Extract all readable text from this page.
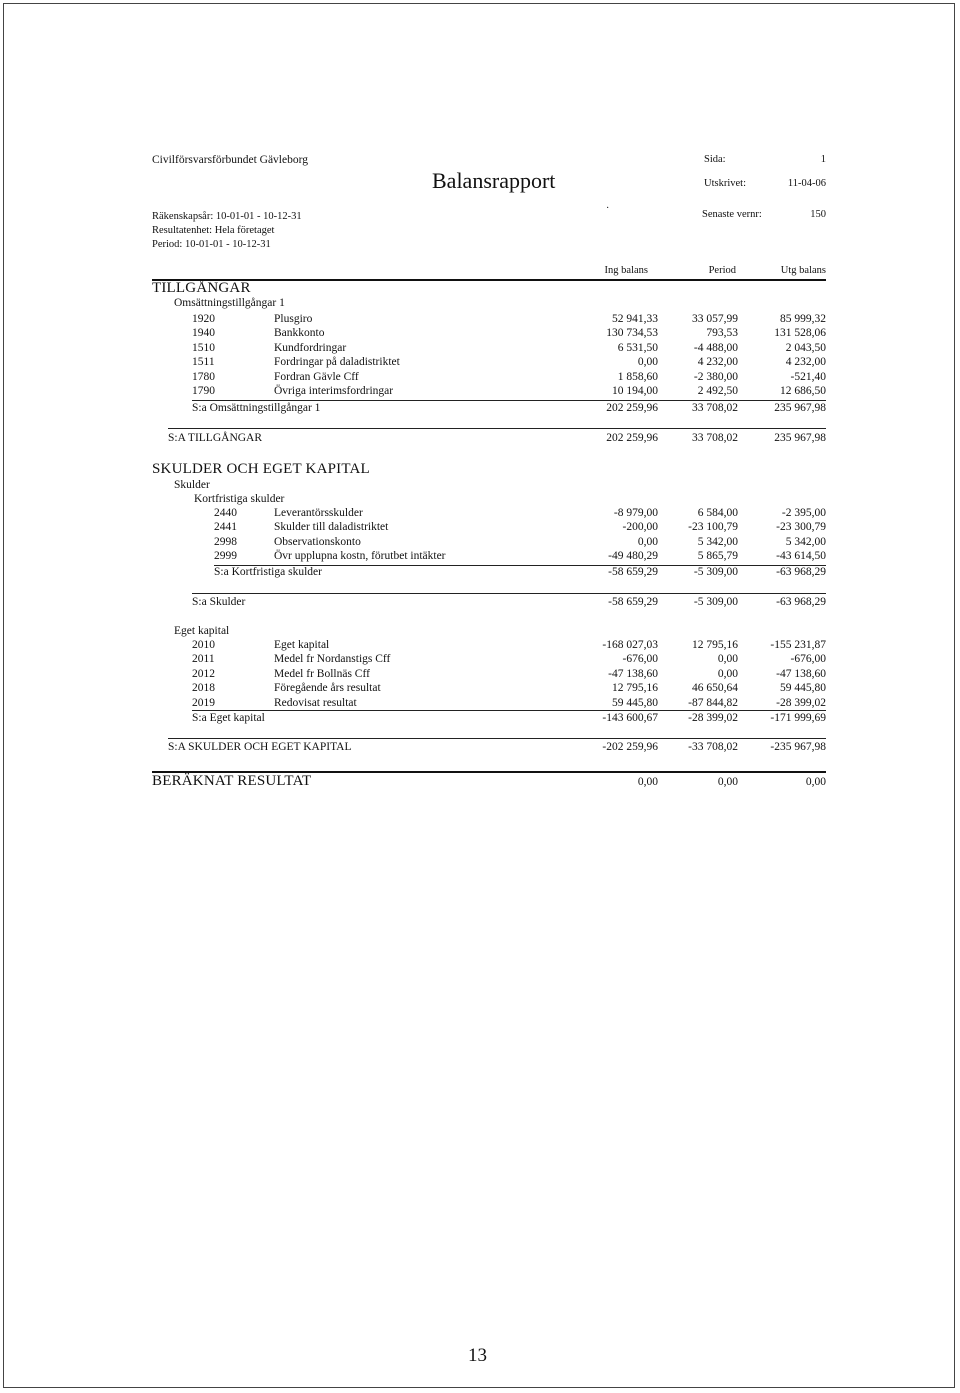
Civilförsvarsförbundet Gävleborg
Balansrapport
Sida:	1
Utskrivet:	11-04-06
Räkenskapsår: 10-01-01 - 10-12-31
Resultatenhet: Hela företaget
Period: 10-01-01 - 10-12-31
Senaste vernr:	150
·
Ing balans	Period	Utg balans
TILLGÅNGAR
Omsättningstillgångar 1
1920	Plusgiro	52 941,33	33 057,99	85 999,32
1940	Bankkonto	130 734,53	793,53	131 528,06
1510	Kundfordringar	6 531,50	-4 488,00	2 043,50
1511	Fordringar på daladistriktet	0,00	4 232,00	4 232,00
1780	Fordran Gävle Cff	1 858,60	-2 380,00	-521,40
1790	Övriga interimsfordringar	10 194,00	2 492,50	12 686,50
S:a Omsättningstillgångar 1	202 259,96	33 708,02	235 967,98
S:A TILLGÅNGAR	202 259,96	33 708,02	235 967,98
SKULDER OCH EGET KAPITAL
Skulder
Kortfristiga skulder
2440	Leverantörsskulder	-8 979,00	6 584,00	-2 395,00
2441	Skulder till daladistriktet	-200,00	-23 100,79	-23 300,79
2998	Observationskonto	0,00	5 342,00	5 342,00
2999	Övr upplupna kostn, förutbet intäkter	-49 480,29	5 865,79	-43 614,50
S:a Kortfristiga skulder	-58 659,29	-5 309,00	-63 968,29
S:a Skulder	-58 659,29	-5 309,00	-63 968,29
Eget kapital
2010	Eget kapital	-168 027,03	12 795,16	-155 231,87
2011	Medel fr Nordanstigs Cff	-676,00	0,00	-676,00
2012	Medel fr Bollnäs Cff	-47 138,60	0,00	-47 138,60
2018	Föregående års resultat	12 795,16	46 650,64	59 445,80
2019	Redovisat resultat	59 445,80	-87 844,82	-28 399,02
S:a Eget kapital	-143 600,67	-28 399,02	-171 999,69
S:A SKULDER OCH EGET KAPITAL	-202 259,96	-33 708,02	-235 967,98
BERÄKNAT RESULTAT	0,00	0,00	0,00
13
